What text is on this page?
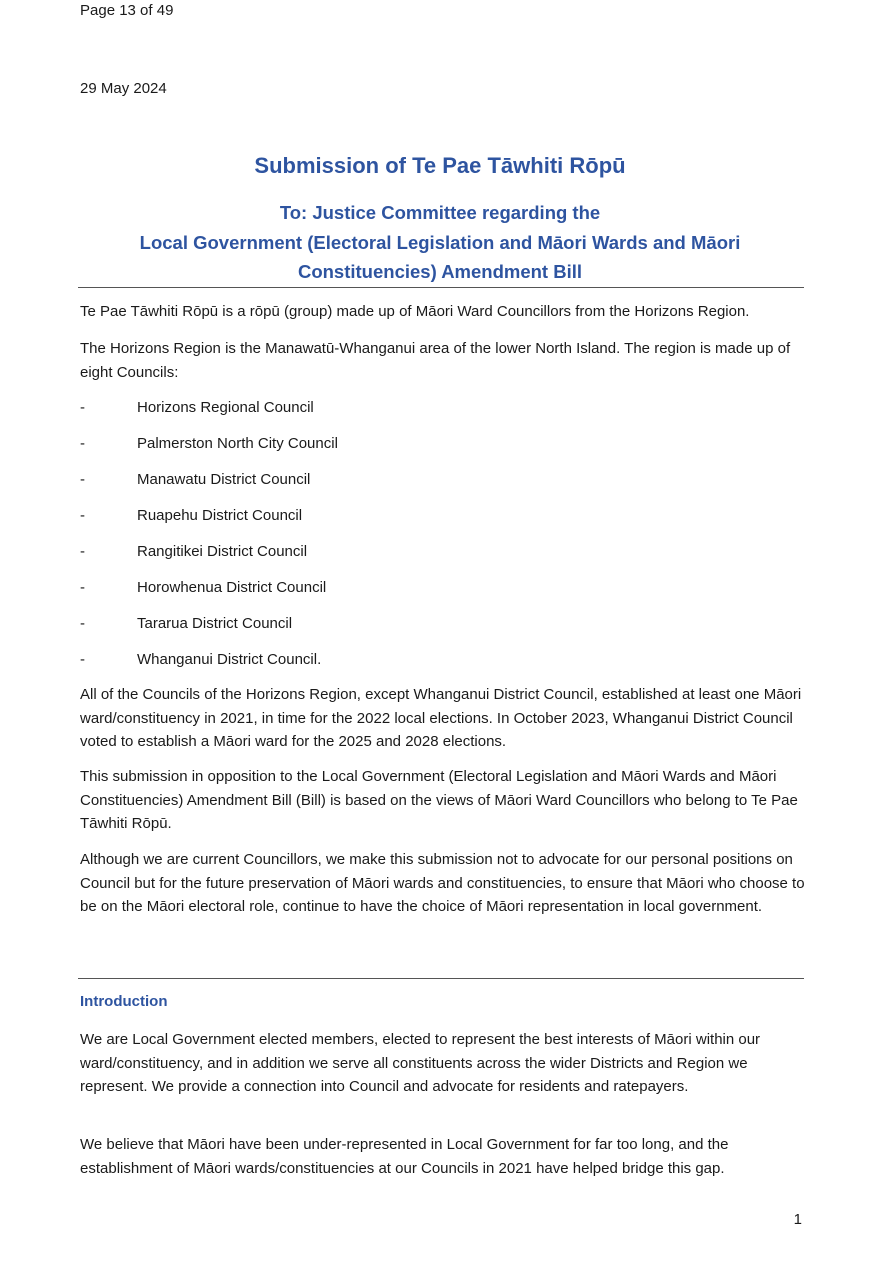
Page 13 of 49
29 May 2024
Submission of Te Pae Tāwhiti Rōpū
To: Justice Committee regarding the
Local Government (Electoral Legislation and Māori Wards and Māori
Constituencies) Amendment Bill
Te Pae Tāwhiti Rōpū is a rōpū (group) made up of Māori Ward Councillors from the Horizons Region.
The Horizons Region is the Manawatū-Whanganui area of the lower North Island. The region is made up of eight Councils:
-	Horizons Regional Council
-	Palmerston North City Council
-	Manawatu District Council
-	Ruapehu District Council
-	Rangitikei District Council
-	Horowhenua District Council
-	Tararua District Council
-	Whanganui District Council.
All of the Councils of the Horizons Region, except Whanganui District Council, established at least one Māori ward/constituency in 2021, in time for the 2022 local elections. In October 2023, Whanganui District Council voted to establish a Māori ward for the 2025 and 2028 elections.
This submission in opposition to the Local Government (Electoral Legislation and Māori Wards and Māori Constituencies) Amendment Bill (Bill) is based on the views of Māori Ward Councillors who belong to Te Pae Tāwhiti Rōpū.
Although we are current Councillors, we make this submission not to advocate for our personal positions on Council but for the future preservation of Māori wards and constituencies, to ensure that Māori who choose to be on the Māori electoral role, continue to have the choice of Māori representation in local government.
Introduction
We are Local Government elected members, elected to represent the best interests of Māori within our ward/constituency, and in addition we serve all constituents across the wider Districts and Region we represent. We provide a connection into Council and advocate for residents and ratepayers.
We believe that Māori have been under-represented in Local Government for far too long, and the establishment of Māori wards/constituencies at our Councils in 2021 have helped bridge this gap.
1
